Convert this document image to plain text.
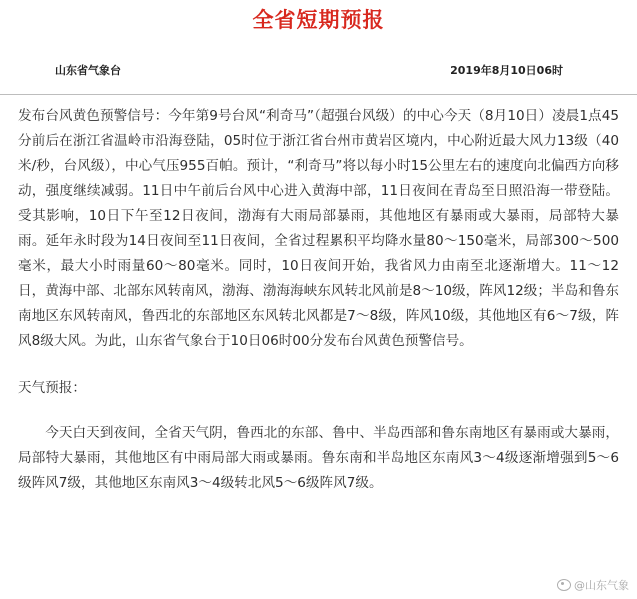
全省短期预报
山东省气象台	2019年8月10日06时

发布台风黄色预警信号：今年第9号台风“利奇马”（超强台风级）的中心今天（8月10日）凌晨1点45分前后在浙江省温岭市沿海登陆，05时位于浙江省台州市黄岩区境内，中心附近最大风力13级（40米/秒，台风级），中心气压955百帕。预计，“利奇马”将以每小时15公里左右的速度向北偏西方向移动，强度继续减弱。11日中午前后台风中心进入黄海中部，11日夜间在青岛至日照沿海一带登陆。受其影响，10日下午至12日夜间，渤海有大雨局部暴雨，其他地区有暴雨或大暴雨，局部特大暴雨。延年永时段为14日夜间至11日夜间，全省过程累积平均降水量80～150毫米，局部300～500毫米，最大小时雨量60～80毫米。同时，10日夜间开始，我省风力由南至北逐渐增大。11～12日，黄海中部、北部东风转南风，渤海、渤海海峡东风转北风前是8～10级，阵风12级；半岛和鲁东南地区东风转南风，鲁西北的东部地区东风转北风都是7～8级，阵风10级，其他地区有6～7级，阵风8级大风。为此，山东省气象台于10日06时00分发布台风黄色预警信号。

天气预报：

今天白天到夜间，全省天气阴，鲁西北的东部、鲁中、半岛西部和鲁东南地区有暴雨或大暴雨，局部特大暴雨，其他地区有中雨局部大雨或暴雨。鲁东南和半岛地区东南风3～4级逐渐增强到5～6级阵风7级，其他地区东南风3～4级转北风5～6级阵风7级。

@山东气象
